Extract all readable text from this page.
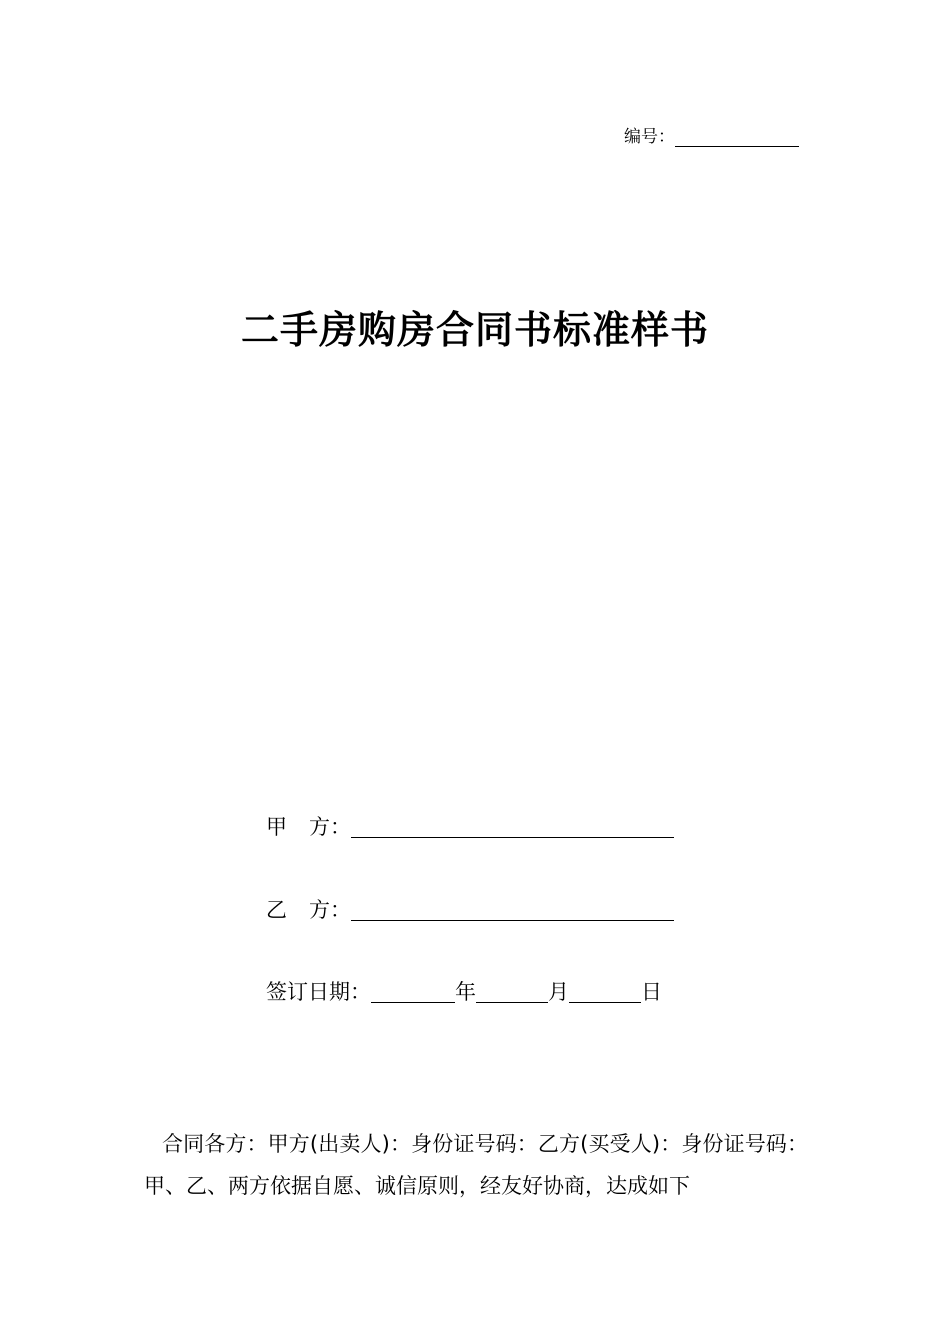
编号：
二手房购房合同书标准样书
甲 方：
乙 方：
签订日期：	年	月	日
合同各方：甲方(出卖人)：身份证号码：乙方(买受人)：身份证号码：甲、乙、两方依据自愿、诚信原则，经友好协商，达成如下
